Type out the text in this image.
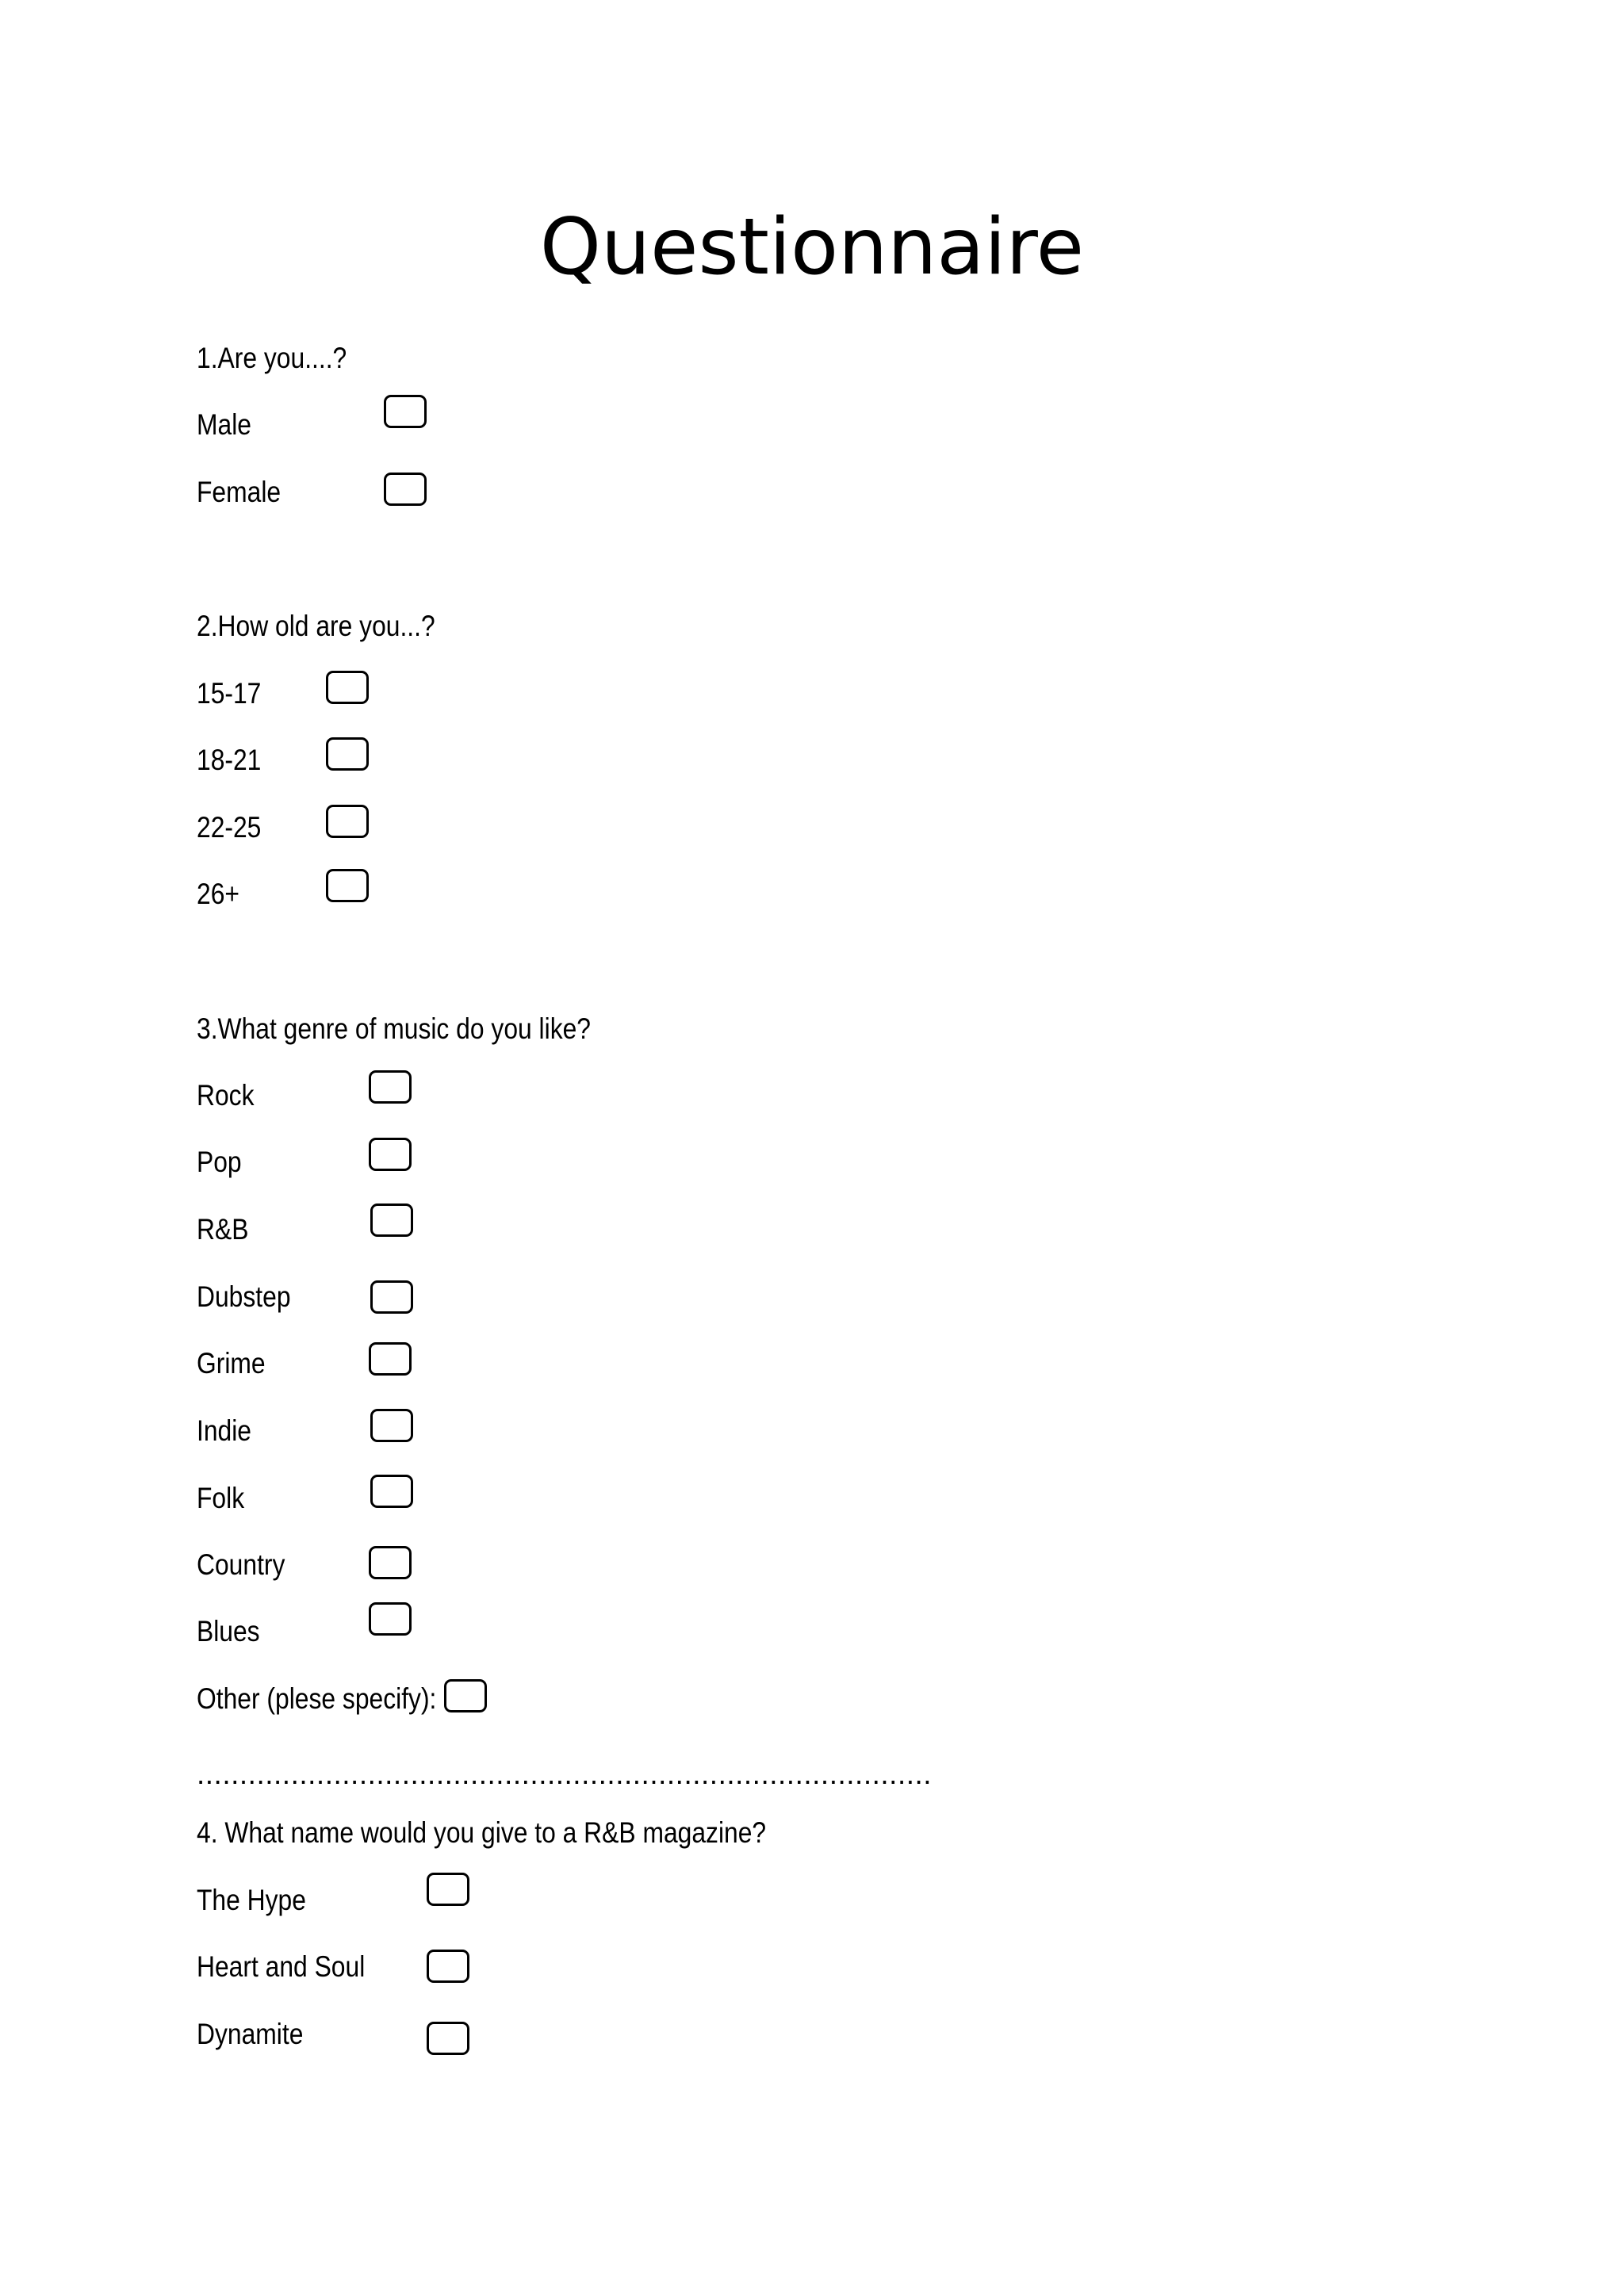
Questionnaire
1.Are you....?
Male
Female
2.How old are you...?
15-17
18-21
22-25
26+
3.What genre of music do you like?
Rock
Pop
R&B
Dubstep
Grime
Indie
Folk
Country
Blues
Other (plese specify):
......................................................................................
4. What name would you give to a R&B magazine?
The Hype
Heart and Soul
Dynamite
